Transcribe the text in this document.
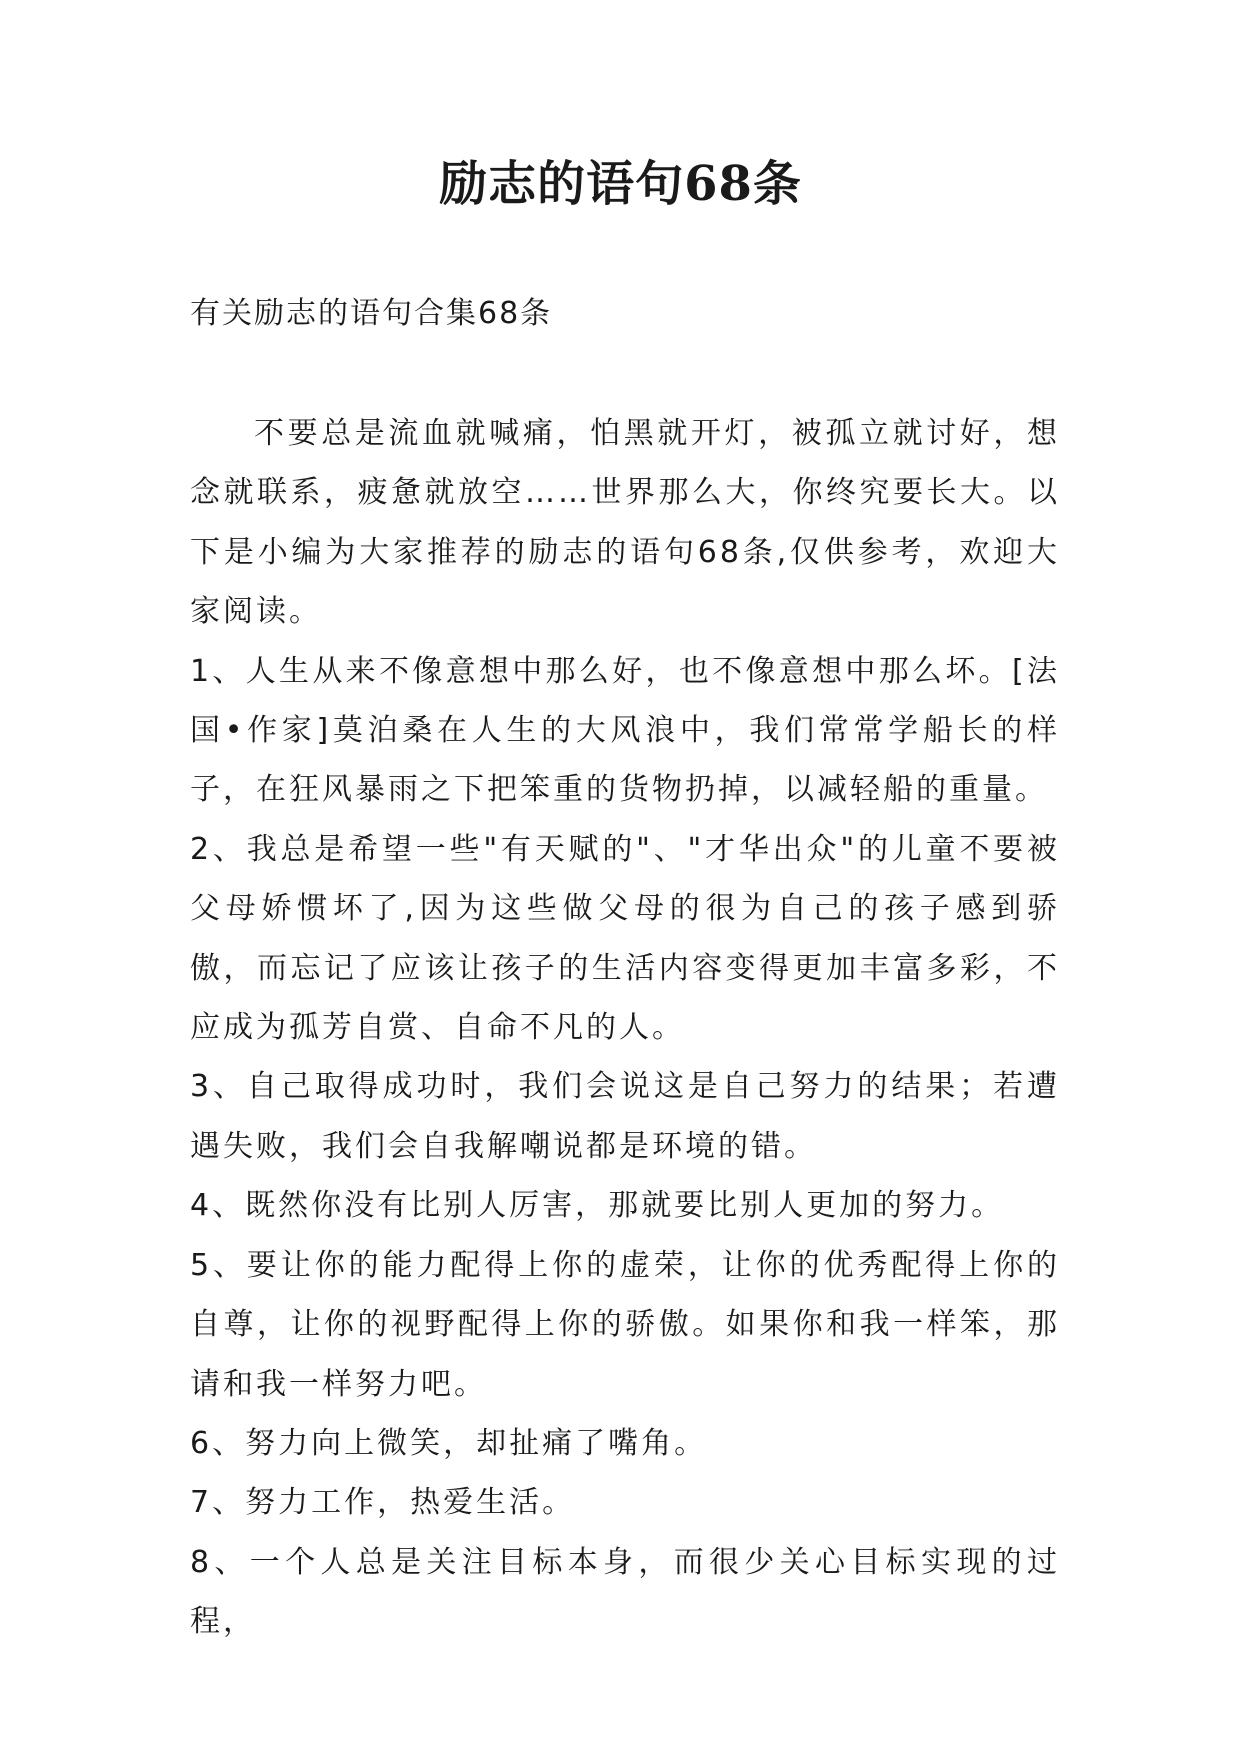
励志的语句68条

有关励志的语句合集68条

不要总是流血就喊痛，怕黑就开灯，被孤立就讨好，想念就联系，疲惫就放空……世界那么大，你终究要长大。以下是小编为大家推荐的励志的语句68条,仅供参考，欢迎大家阅读。

1、人生从来不像意想中那么好，也不像意想中那么坏。[法国•作家]莫泊桑在人生的大风浪中，我们常常学船长的样子，在狂风暴雨之下把笨重的货物扔掉，以减轻船的重量。

2、我总是希望一些"有天赋的"、"才华出众"的儿童不要被父母娇惯坏了,因为这些做父母的很为自己的孩子感到骄傲，而忘记了应该让孩子的生活内容变得更加丰富多彩，不应成为孤芳自赏、自命不凡的人。

3、自己取得成功时，我们会说这是自己努力的结果；若遭遇失败，我们会自我解嘲说都是环境的错。

4、既然你没有比别人厉害，那就要比别人更加的努力。

5、要让你的能力配得上你的虚荣，让你的优秀配得上你的自尊，让你的视野配得上你的骄傲。如果你和我一样笨，那请和我一样努力吧。

6、努力向上微笑，却扯痛了嘴角。

7、努力工作，热爱生活。

8、一个人总是关注目标本身，而很少关心目标实现的过程，
